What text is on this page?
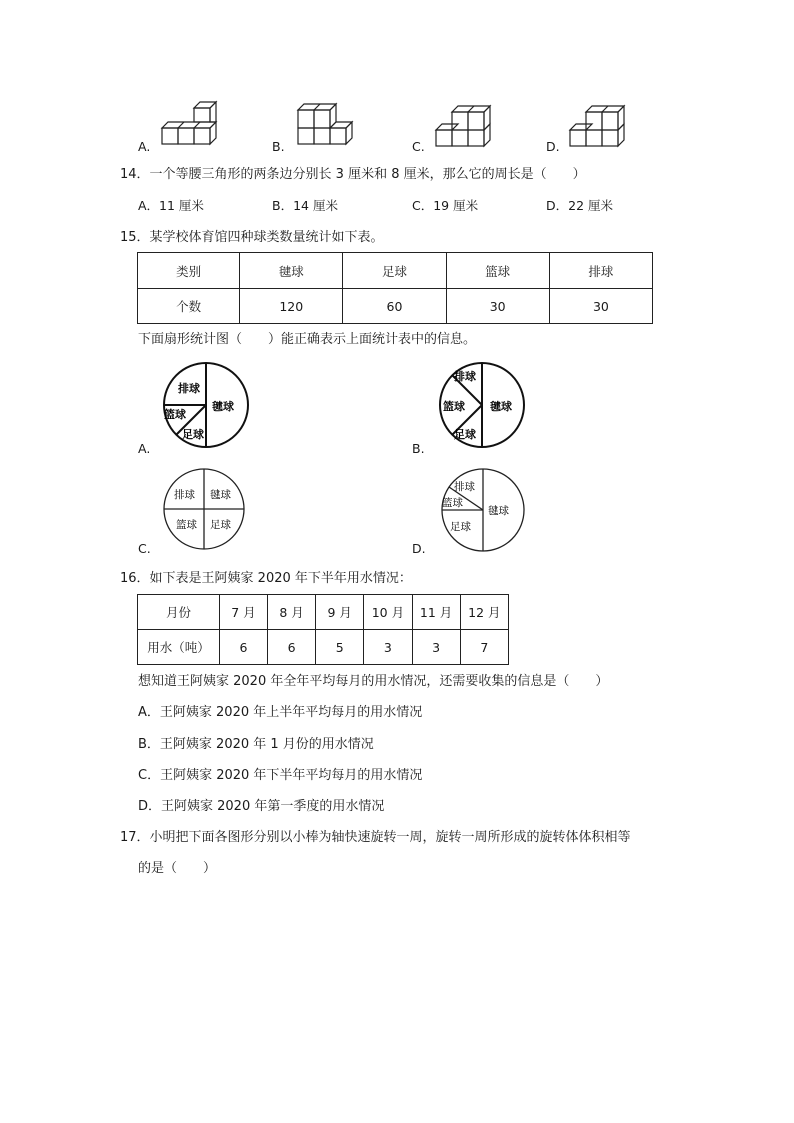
A.	B.	C.	D.
14．一个等腰三角形的两条边分别长 3 厘米和 8 厘米，那么它的周长是（　　）
A．11 厘米	B．14 厘米	C．19 厘米	D．22 厘米
15．某学校体育馆四种球类数量统计如下表。
类别	毽球	足球	篮球	排球
个数	120	60	30	30
下面扇形统计图（　　）能正确表示上面统计表中的信息。
A.
排球
毽球
篮球
足球
B.
排球
毽球
篮球
足球
C.
排球 毽球
篮球 足球
D.
排球
毽球
篮球
足球
16．如下表是王阿姨家 2020 年下半年用水情况：
月份	7 月	8 月	9 月	10 月	11 月	12 月
用水（吨）	6	6	5	3	3	7
想知道王阿姨家 2020 年全年平均每月的用水情况，还需要收集的信息是（　　）
A．王阿姨家 2020 年上半年平均每月的用水情况
B．王阿姨家 2020 年 1 月份的用水情况
C．王阿姨家 2020 年下半年平均每月的用水情况
D．王阿姨家 2020 年第一季度的用水情况
17．小明把下面各图形分别以小棒为轴快速旋转一周，旋转一周所形成的旋转体体积相等
的是（　　）
